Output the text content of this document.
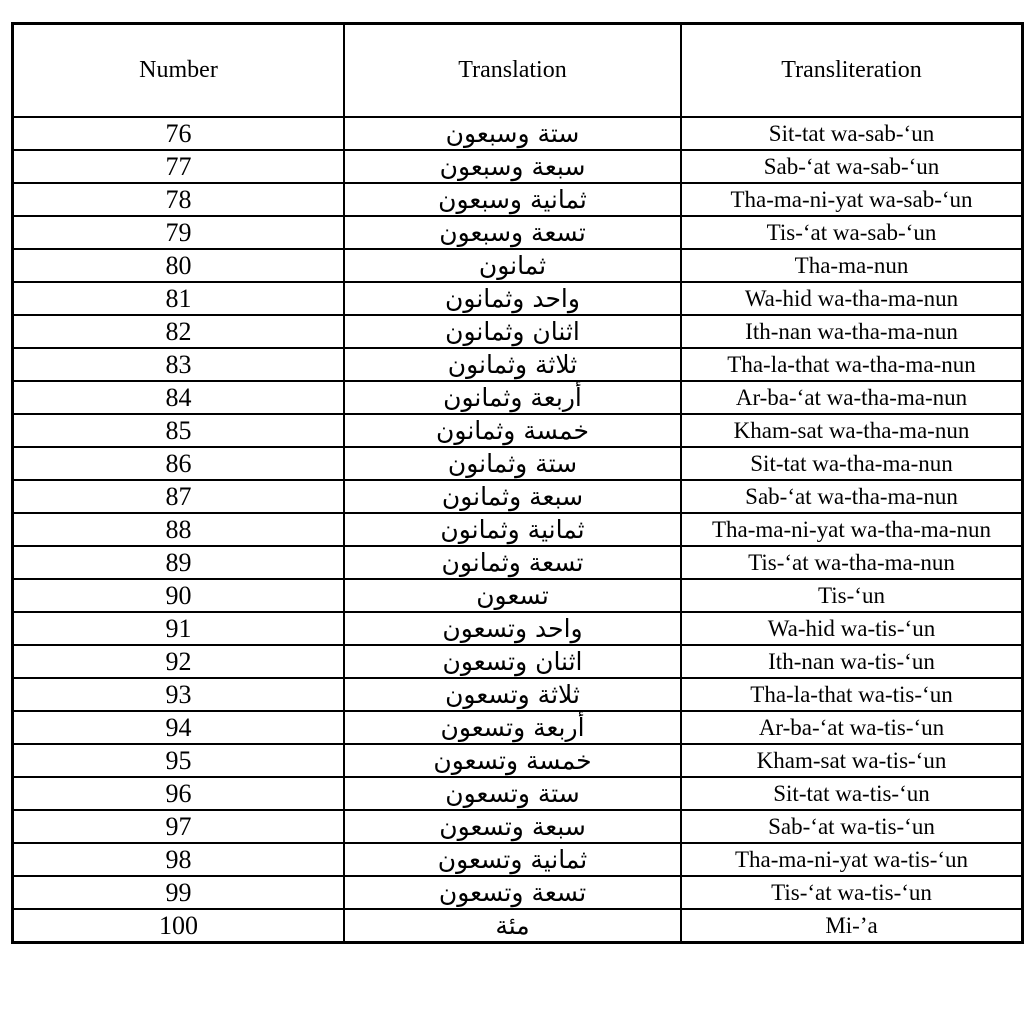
Number	Translation	Transliteration
76	ستة وسبعون	Sit-tat wa-sab-‘un
77	سبعة وسبعون	Sab-‘at wa-sab-‘un
78	ثمانية وسبعون	Tha-ma-ni-yat wa-sab-‘un
79	تسعة وسبعون	Tis-‘at wa-sab-‘un
80	ثمانون	Tha-ma-nun
81	واحد وثمانون	Wa-hid wa-tha-ma-nun
82	اثنان وثمانون	Ith-nan wa-tha-ma-nun
83	ثلاثة وثمانون	Tha-la-that wa-tha-ma-nun
84	أربعة وثمانون	Ar-ba-‘at wa-tha-ma-nun
85	خمسة وثمانون	Kham-sat wa-tha-ma-nun
86	ستة وثمانون	Sit-tat wa-tha-ma-nun
87	سبعة وثمانون	Sab-‘at wa-tha-ma-nun
88	ثمانية وثمانون	Tha-ma-ni-yat wa-tha-ma-nun
89	تسعة وثمانون	Tis-‘at wa-tha-ma-nun
90	تسعون	Tis-‘un
91	واحد وتسعون	Wa-hid wa-tis-‘un
92	اثنان وتسعون	Ith-nan wa-tis-‘un
93	ثلاثة وتسعون	Tha-la-that wa-tis-‘un
94	أربعة وتسعون	Ar-ba-‘at wa-tis-‘un
95	خمسة وتسعون	Kham-sat wa-tis-‘un
96	ستة وتسعون	Sit-tat wa-tis-‘un
97	سبعة وتسعون	Sab-‘at wa-tis-‘un
98	ثمانية وتسعون	Tha-ma-ni-yat wa-tis-‘un
99	تسعة وتسعون	Tis-‘at wa-tis-‘un
100	مئة	Mi-’a
